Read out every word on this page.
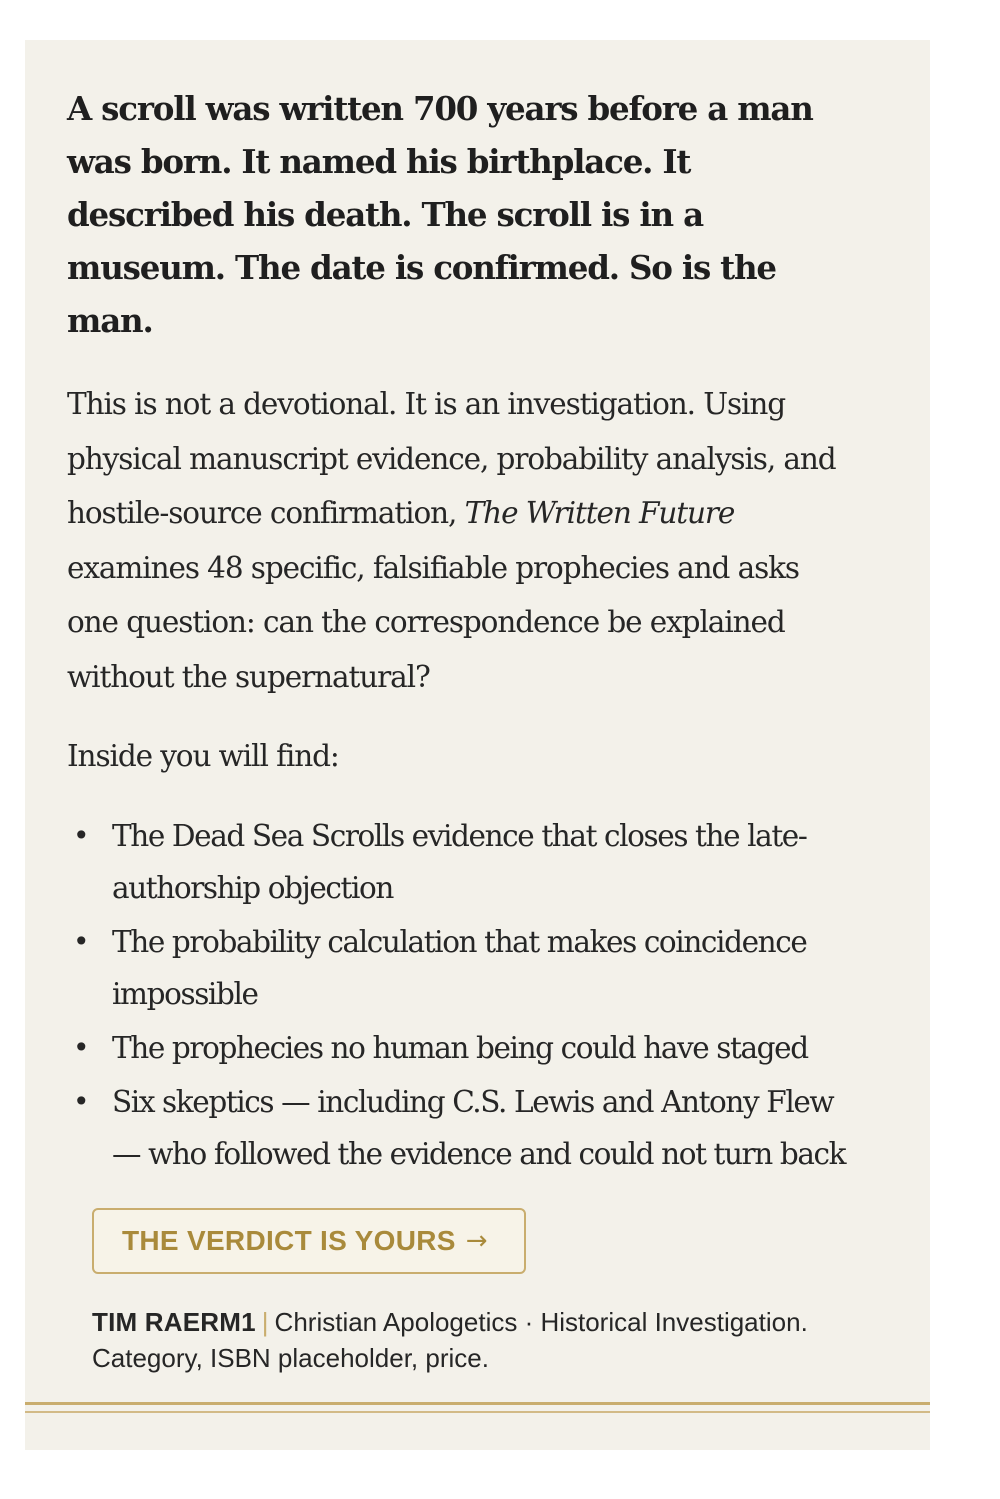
A scroll was written 700 years before a man was born. It named his birthplace. It described his death. The scroll is in a museum. The date is confirmed. So is the man.

This is not a devotional. It is an investigation. Using physical manuscript evidence, probability analysis, and hostile-source confirmation, The Written Future examines 48 specific, falsifiable prophecies and asks one question: can the correspondence be explained without the supernatural?

Inside you will find:

• The Dead Sea Scrolls evidence that closes the late-authorship objection
• The probability calculation that makes coincidence impossible
• The prophecies no human being could have staged
• Six skeptics — including C.S. Lewis and Antony Flew — who followed the evidence and could not turn back
THE VERDICT IS YOURS →
TIM RAERM1 | Christian Apologetics · Historical Investigation.
Category, ISBN placeholder, price.
